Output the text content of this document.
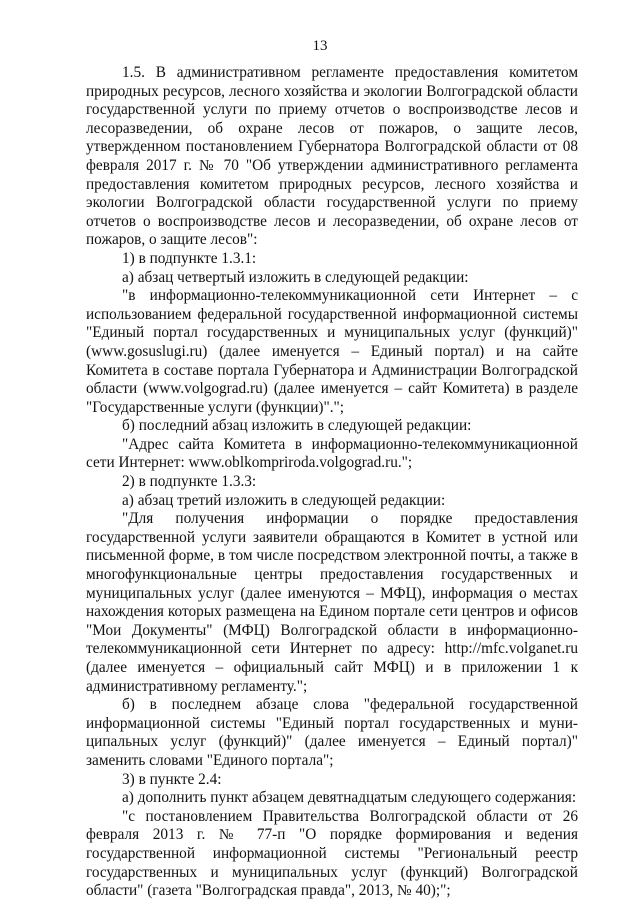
13

1.5. В административном регламенте предоставления комитетом природных ресурсов, лесного хозяйства и экологии Волгоградской области государственной услуги по приему отчетов о воспроизводстве лесов и лесоразведении, об охране лесов от пожаров, о защите лесов, утвержденном постановлением Губернатора Волгоградской области от 08 февраля 2017 г. № 70 "Об утверждении административного регламента предоставления комитетом природных ресурсов, лесного хозяйства и экологии Волгоградской области государственной услуги по приему отчетов о воспроизводстве лесов и лесоразведении, об охране лесов от пожаров, о защите лесов":

1) в подпункте 1.3.1:

а) абзац четвертый изложить в следующей редакции:

"в информационно-телекоммуникационной сети Интернет – с использованием федеральной государственной информационной системы "Единый портал государственных и муниципальных услуг (функций)" (www.gosuslugi.ru) (далее именуется – Единый портал) и на сайте Комитета в составе портала Губернатора и Администрации Волгоградской области (www.volgograd.ru) (далее именуется – сайт Комитета) в разделе "Государственные услуги (функции)".";

б) последний абзац изложить в следующей редакции:

"Адрес сайта Комитета в информационно-телекоммуникационной сети Интернет: www.oblkompriroda.volgograd.ru.";

2) в подпункте 1.3.3:

а) абзац третий изложить в следующей редакции:

"Для получения информации о порядке предоставления государственной услуги заявители обращаются в Комитет в устной или письменной форме, в том числе посредством электронной почты, а также в многофункциональные центры предоставления государственных и муниципальных услуг (далее именуются – МФЦ), информация о местах нахождения которых размещена на Едином портале сети центров и офисов "Мои Документы" (МФЦ) Волгоградской области в информационно-телекоммуникационной сети Интернет по адресу: http://mfc.volganet.ru (далее именуется – официальный сайт МФЦ) и в приложении 1 к административному регламенту.";

б) в последнем абзаце слова "федеральной государственной информационной системы "Единый портал государственных и муниципальных услуг (функций)" (далее именуется – Единый портал)" заменить словами "Единого портала";

3) в пункте 2.4:

а) дополнить пункт абзацем девятнадцатым следующего содержания:

"с постановлением Правительства Волгоградской области от 26 февраля 2013 г. № 77-п "О порядке формирования и ведения государственной информационной системы "Региональный реестр государственных и муниципальных услуг (функций) Волгоградской области" (газета "Волгоградская правда", 2013, № 40);";
